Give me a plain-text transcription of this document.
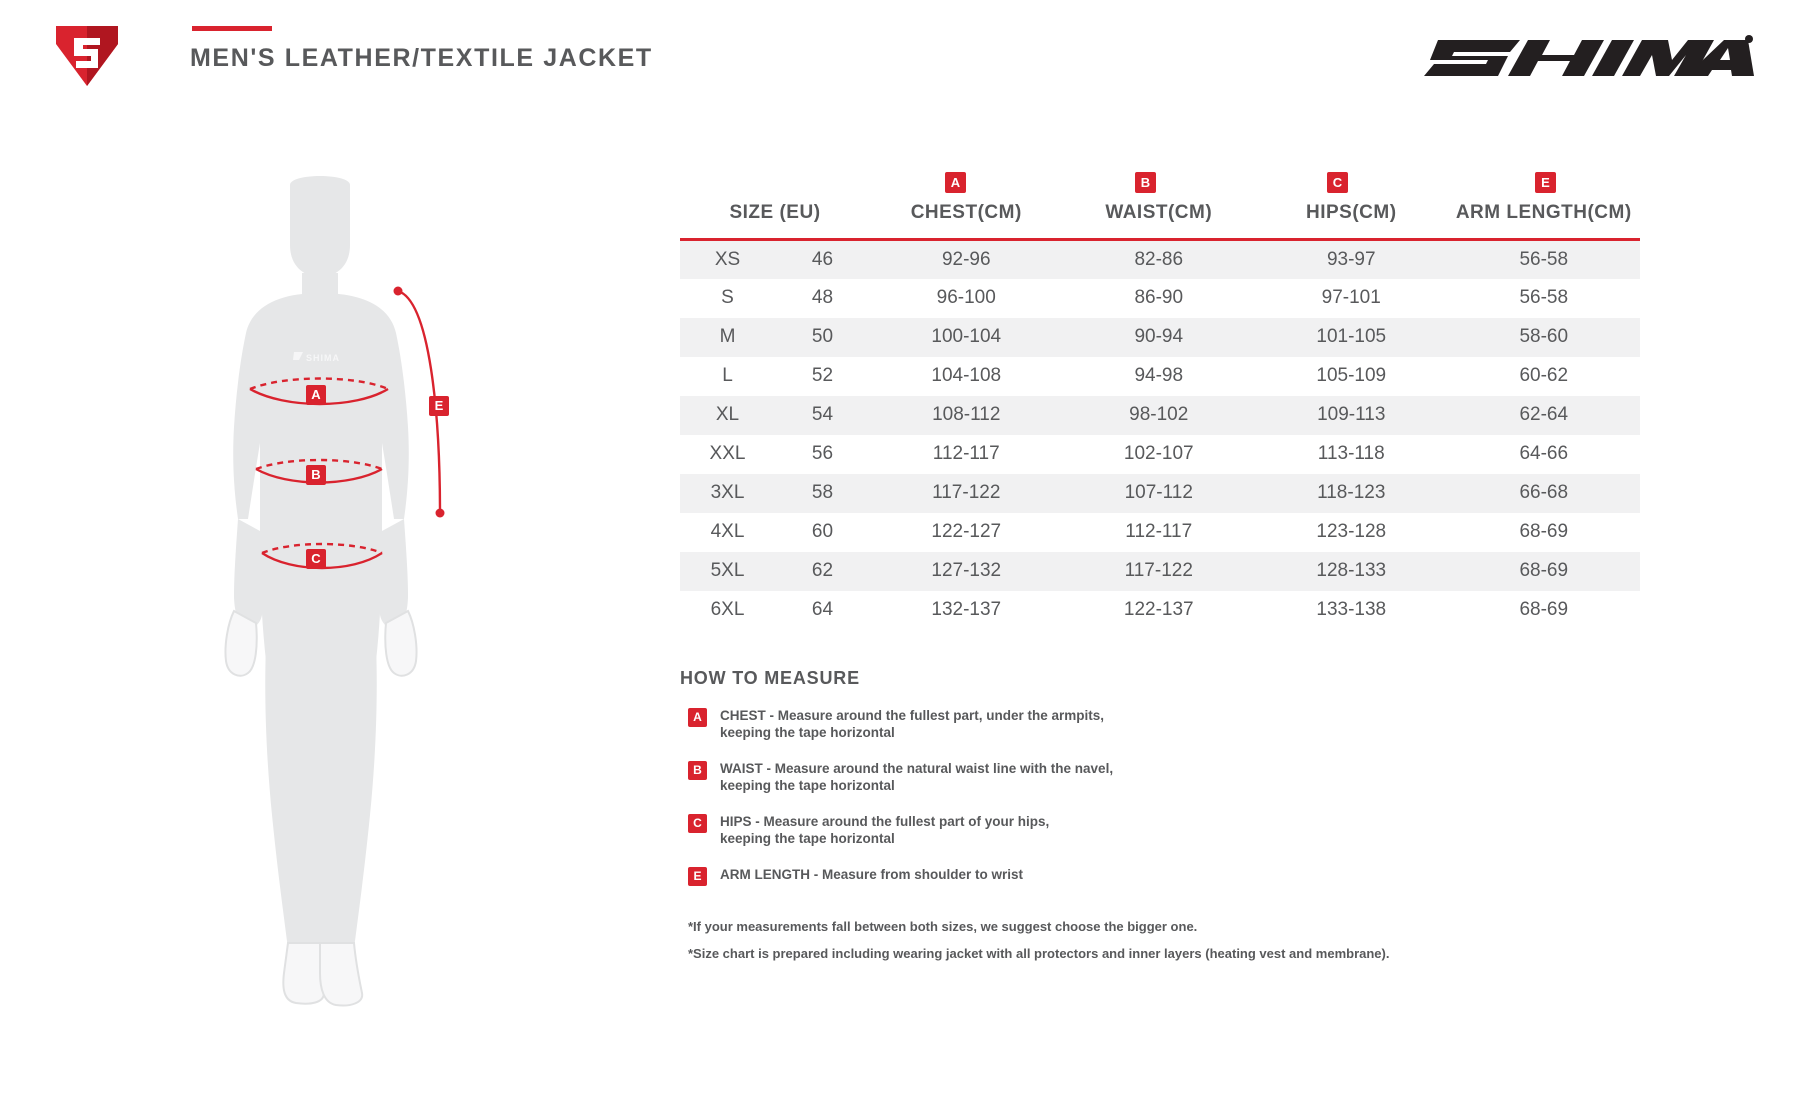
MEN'S LEATHER/TEXTILE JACKET
SHIMA
A
B
C
E
A	B	C	E
SIZE (EU)		CHEST(CM)	WAIST(CM)	HIPS(CM)	ARM LENGTH(CM)
XS	46	92-96	82-86	93-97	56-58
S	48	96-100	86-90	97-101	56-58
M	50	100-104	90-94	101-105	58-60
L	52	104-108	94-98	105-109	60-62
XL	54	108-112	98-102	109-113	62-64
XXL	56	112-117	102-107	113-118	64-66
3XL	58	117-122	107-112	118-123	66-68
4XL	60	122-127	112-117	123-128	68-69
5XL	62	127-132	117-122	128-133	68-69
6XL	64	132-137	122-137	133-138	68-69
HOW TO MEASURE
A	CHEST - Measure around the fullest part, under the armpits,
keeping the tape horizontal
B	WAIST - Measure around the natural waist line with the navel,
keeping the tape horizontal
C	HIPS - Measure around the fullest part of your hips,
keeping the tape horizontal
E	ARM LENGTH - Measure from shoulder to wrist
*If your measurements fall between both sizes, we suggest choose the bigger one.
*Size chart is prepared including wearing jacket with all protectors and inner layers (heating vest and membrane).
